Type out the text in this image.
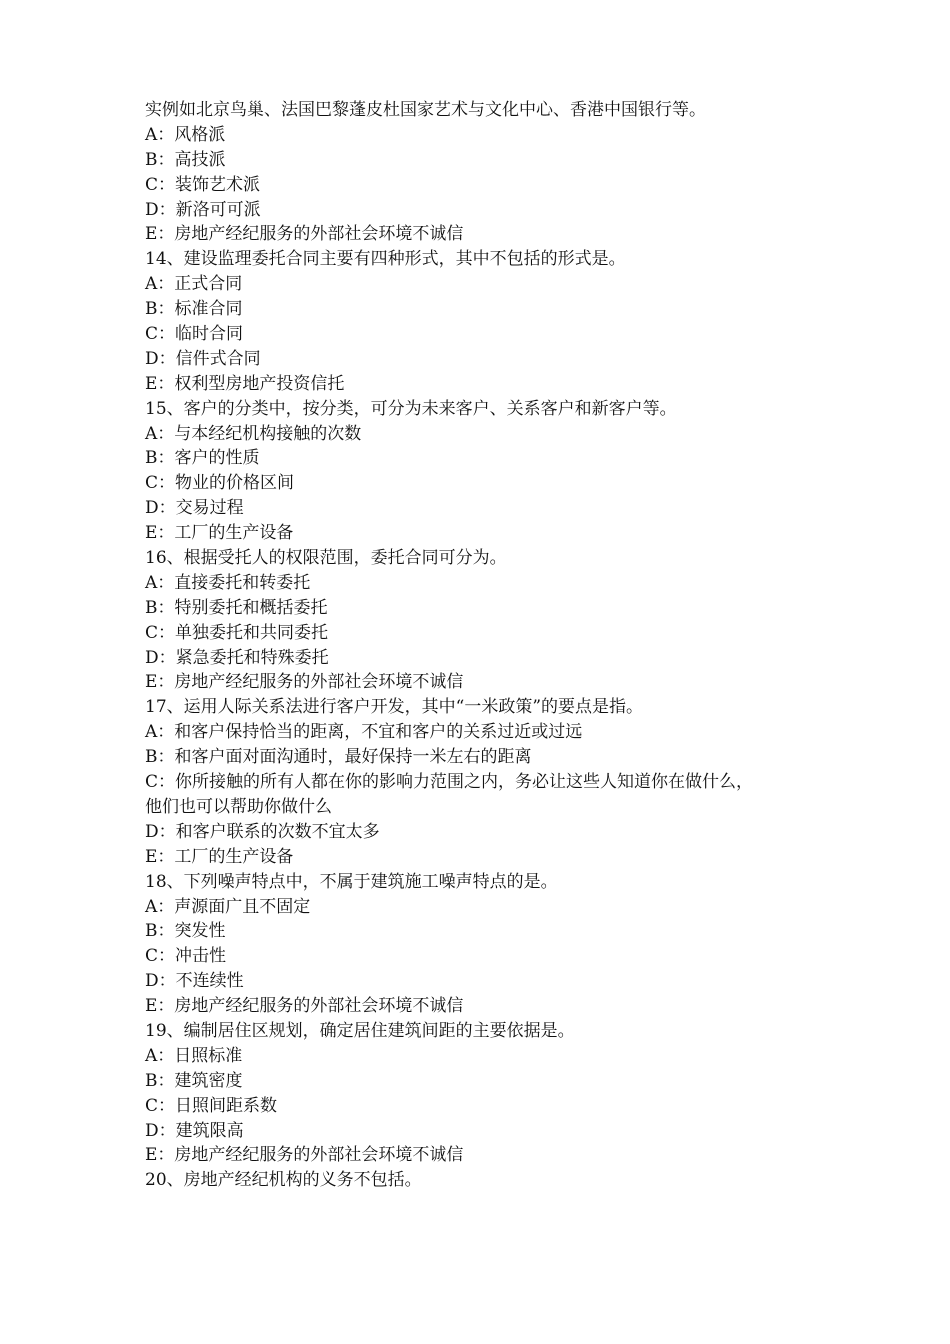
实例如北京鸟巢、法国巴黎蓬皮杜国家艺术与文化中心、香港中国银行等。
A：风格派
B：高技派
C：装饰艺术派
D：新洛可可派
E：房地产经纪服务的外部社会环境不诚信
14、建设监理委托合同主要有四种形式，其中不包括的形式是。
A：正式合同
B：标准合同
C：临时合同
D：信件式合同
E：权利型房地产投资信托
15、客户的分类中，按分类，可分为未来客户、关系客户和新客户等。
A：与本经纪机构接触的次数
B：客户的性质
C：物业的价格区间
D：交易过程
E：工厂的生产设备
16、根据受托人的权限范围，委托合同可分为。
A：直接委托和转委托
B：特别委托和概括委托
C：单独委托和共同委托
D：紧急委托和特殊委托
E：房地产经纪服务的外部社会环境不诚信
17、运用人际关系法进行客户开发，其中“一米政策”的要点是指。
A：和客户保持恰当的距离，不宜和客户的关系过近或过远
B：和客户面对面沟通时，最好保持一米左右的距离
C：你所接触的所有人都在你的影响力范围之内，务必让这些人知道你在做什么，
他们也可以帮助你做什么
D：和客户联系的次数不宜太多
E：工厂的生产设备
18、下列噪声特点中，不属于建筑施工噪声特点的是。
A：声源面广且不固定
B：突发性
C：冲击性
D：不连续性
E：房地产经纪服务的外部社会环境不诚信
19、编制居住区规划，确定居住建筑间距的主要依据是。
A：日照标准
B：建筑密度
C：日照间距系数
D：建筑限高
E：房地产经纪服务的外部社会环境不诚信
20、房地产经纪机构的义务不包括。
